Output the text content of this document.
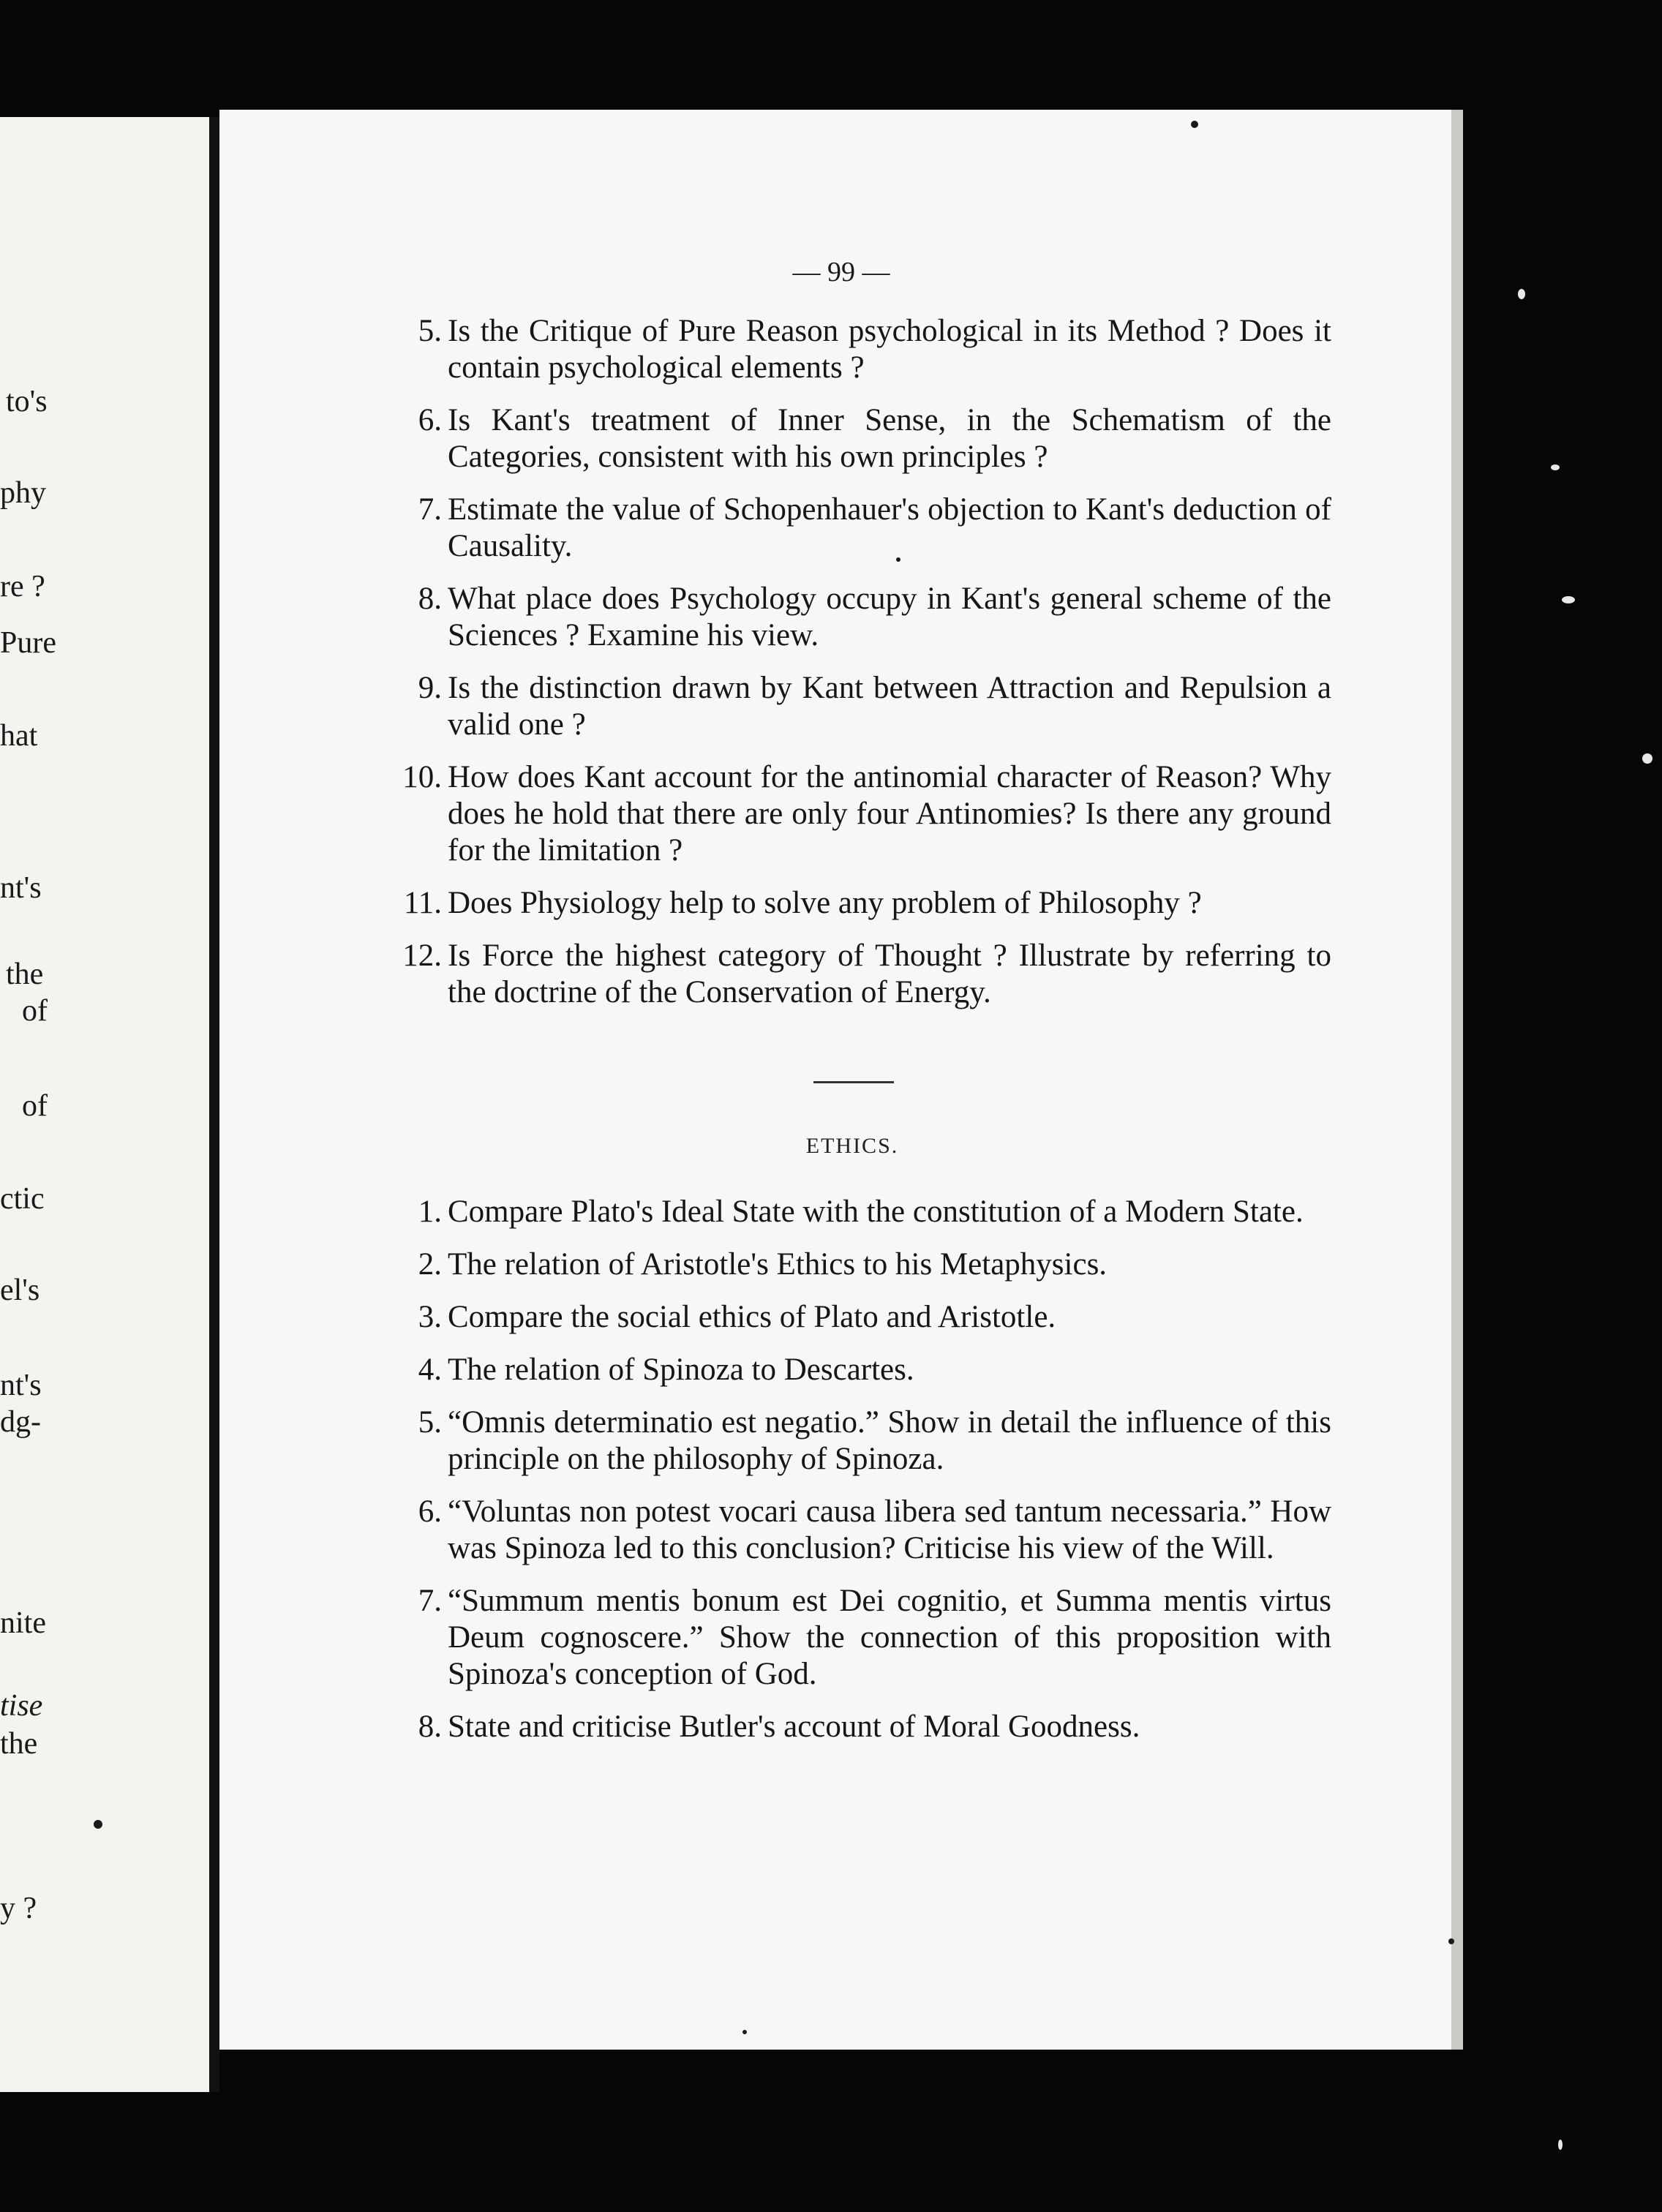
to's
phy
re ?
Pure
hat
nt's
the
of
of
ctic
el's
nt's
dg-
nite
tise
the
y ?
— 99 —
5. Is the Critique of Pure Reason psychological in its Method ? Does it contain psychological elements ?
6. Is Kant's treatment of Inner Sense, in the Schematism of the Categories, consistent with his own principles ?
7. Estimate the value of Schopenhauer's objection to Kant's deduction of Causality.
8. What place does Psychology occupy in Kant's general scheme of the Sciences ? Examine his view.
9. Is the distinction drawn by Kant between Attraction and Repulsion a valid one ?
10. How does Kant account for the antinomial character of Reason? Why does he hold that there are only four Antinomies? Is there any ground for the limitation ?
11. Does Physiology help to solve any problem of Philosophy ?
12. Is Force the highest category of Thought ? Illustrate by referring to the doctrine of the Conservation of Energy.
ETHICS.
1. Compare Plato's Ideal State with the constitution of a Modern State.
2. The relation of Aristotle's Ethics to his Metaphysics.
3. Compare the social ethics of Plato and Aristotle.
4. The relation of Spinoza to Descartes.
5. “Omnis determinatio est negatio.” Show in detail the influence of this principle on the philosophy of Spinoza.
6. “Voluntas non potest vocari causa libera sed tantum necessaria.” How was Spinoza led to this conclusion? Criticise his view of the Will.
7. “Summum mentis bonum est Dei cognitio, et Summa mentis virtus Deum cognoscere.” Show the connection of this proposition with Spinoza's conception of God.
8. State and criticise Butler's account of Moral Goodness.
